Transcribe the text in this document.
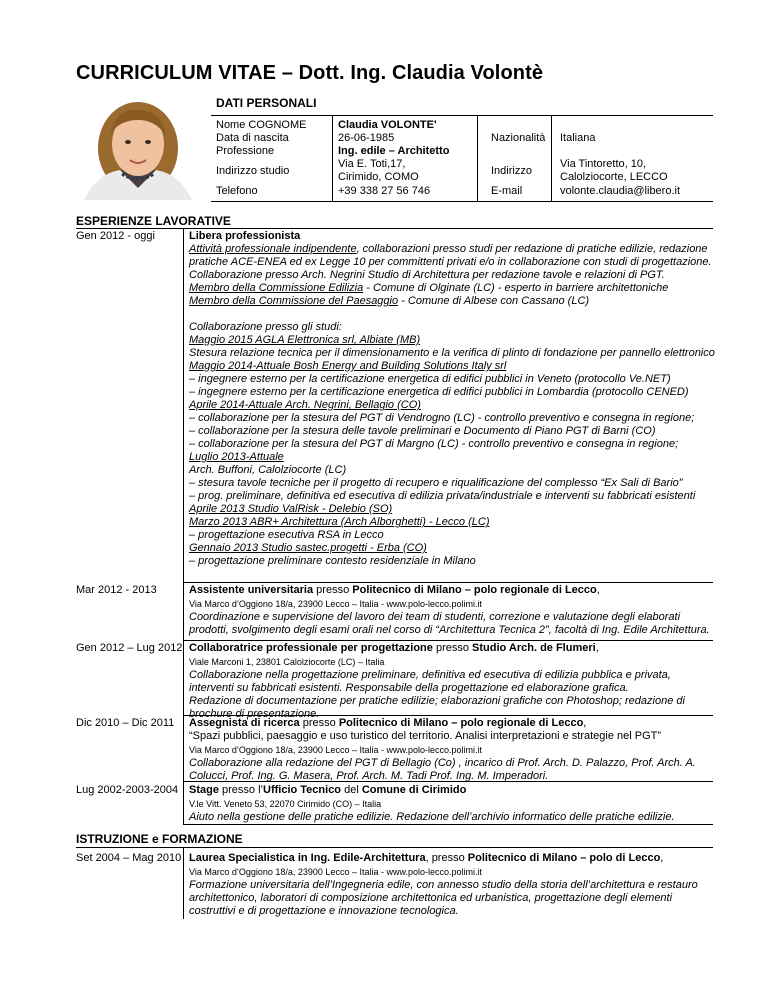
CURRICULUM VITAE – Dott. Ing. Claudia Volontè
DATI PERSONALI
Nome COGNOME
Data di nascita
Professione
Indirizzo studio
Telefono
Claudia VOLONTE'
26-06-1985
Ing. edile – Architetto
Via E. Toti,17,
Cirimido, COMO
+39 338 27 56 746
Nazionalità
Indirizzo
E-mail
Italiana
Via Tintoretto, 10,
Calolziocorte, LECCO
volonte.claudia@libero.it
ESPERIENZE LAVORATIVE
Gen 2012 - oggi	Libera professionista
Attività professionale indipendente, collaborazioni presso studi per redazione di pratiche edilizie, redazione
pratiche ACE-ENEA ed ex Legge 10 per committenti privati e/o in collaborazione con studi di progettazione.
Collaborazione presso Arch. Negrini Studio di Architettura per redazione tavole e relazioni di PGT.
Membro della Commissione Edilizia - Comune di Olginate (LC) - esperto in barriere architettoniche
Membro della Commissione del Paesaggio - Comune di Albese con Cassano (LC)
Collaborazione presso gli studi:
Maggio 2015 AGLA Elettronica srl, Albiate (MB)
Stesura relazione tecnica per il dimensionamento e la verifica di plinto di fondazione per pannello elettronico
Maggio 2014-Attuale Bosh Energy and Building Solutions Italy srl
– ingegnere esterno per la certificazione energetica di edifici pubblici in Veneto (protocollo Ve.NET)
– ingegnere esterno per la certificazione energetica di edifici pubblici in Lombardia (protocollo CENED)
Aprile 2014-Attuale Arch. Negrini, Bellagio (CO)
– collaborazione per la stesura del PGT di Vendrogno (LC) - controllo preventivo e consegna in regione;
– collaborazione per la stesura delle tavole preliminari e Documento di Piano PGT di Barni (CO)
– collaborazione per la stesura del PGT di Margno (LC) - controllo preventivo e consegna in regione;
Luglio 2013-Attuale
Arch. Buffoni, Calolziocorte (LC)
– stesura tavole tecniche per il progetto di recupero e riqualificazione del complesso “Ex Sali di Bario”
– prog. preliminare, definitiva ed esecutiva di edilizia privata/industriale e interventi su fabbricati esistenti
Aprile 2013 Studio ValRisk - Delebio (SO)
Marzo 2013 ABR+ Architettura (Arch Alborghetti) - Lecco (LC)
– progettazione esecutiva RSA in Lecco
Gennaio 2013 Studio sastec.progetti - Erba (CO)
– progettazione preliminare contesto residenziale in Milano
Mar 2012 - 2013	Assistente universitaria presso Politecnico di Milano – polo regionale di Lecco,
Via Marco d’Oggiono 18/a, 23900 Lecco – Italia - www.polo-lecco.polimi.it
Coordinazione e supervisione del lavoro dei team di studenti, correzione e valutazione degli elaborati
prodotti, svolgimento degli esami orali nel corso di “Architettura Tecnica 2”, facoltà di Ing. Edile Architettura.
Gen 2012 – Lug 2012 Collaboratrice professionale per progettazione presso Studio Arch. de Flumeri,
Viale Marconi 1, 23801 Calolziocorte (LC) – Italia
Collaborazione nella progettazione preliminare, definitiva ed esecutiva di edilizia pubblica e privata,
interventi su fabbricati esistenti. Responsabile della progettazione ed elaborazione grafica.
Redazione di documentazione per pratiche edilizie; elaborazioni grafiche con Photoshop; redazione di
brochure di presentazione.
Dic 2010 – Dic 2011 Assegnista di ricerca presso Politecnico di Milano – polo regionale di Lecco,
“Spazi pubblici, paesaggio e uso turistico del territorio. Analisi interpretazioni e strategie nel PGT”
Via Marco d’Oggiono 18/a, 23900 Lecco – Italia - www.polo-lecco.polimi.it
Collaborazione alla redazione del PGT di Bellagio (Co) , incarico di Prof. Arch. D. Palazzo, Prof. Arch. A.
Colucci, Prof. Ing. G. Masera, Prof. Arch. M. Tadi Prof. Ing. M. Imperadori.
Lug 2002-2003-2004 Stage presso l’Ufficio Tecnico del Comune di Cirimido
V.le Vitt. Veneto 53, 22070 Cirimido (CO) – Italia
Aiuto nella gestione delle pratiche edilizie. Redazione dell’archivio informatico delle pratiche edilizie.
ISTRUZIONE e FORMAZIONE
Set 2004 – Mag 2010 Laurea Specialistica in Ing. Edile-Architettura, presso Politecnico di Milano – polo di Lecco,
Via Marco d’Oggiono 18/a, 23900 Lecco – Italia - www.polo-lecco.polimi.it
Formazione universitaria dell’Ingegneria edile, con annesso studio della storia dell’architettura e restauro
architettonico, laboratori di composizione architettonica ed urbanistica, progettazione degli elementi
costruttivi e di progettazione e innovazione tecnologica.
